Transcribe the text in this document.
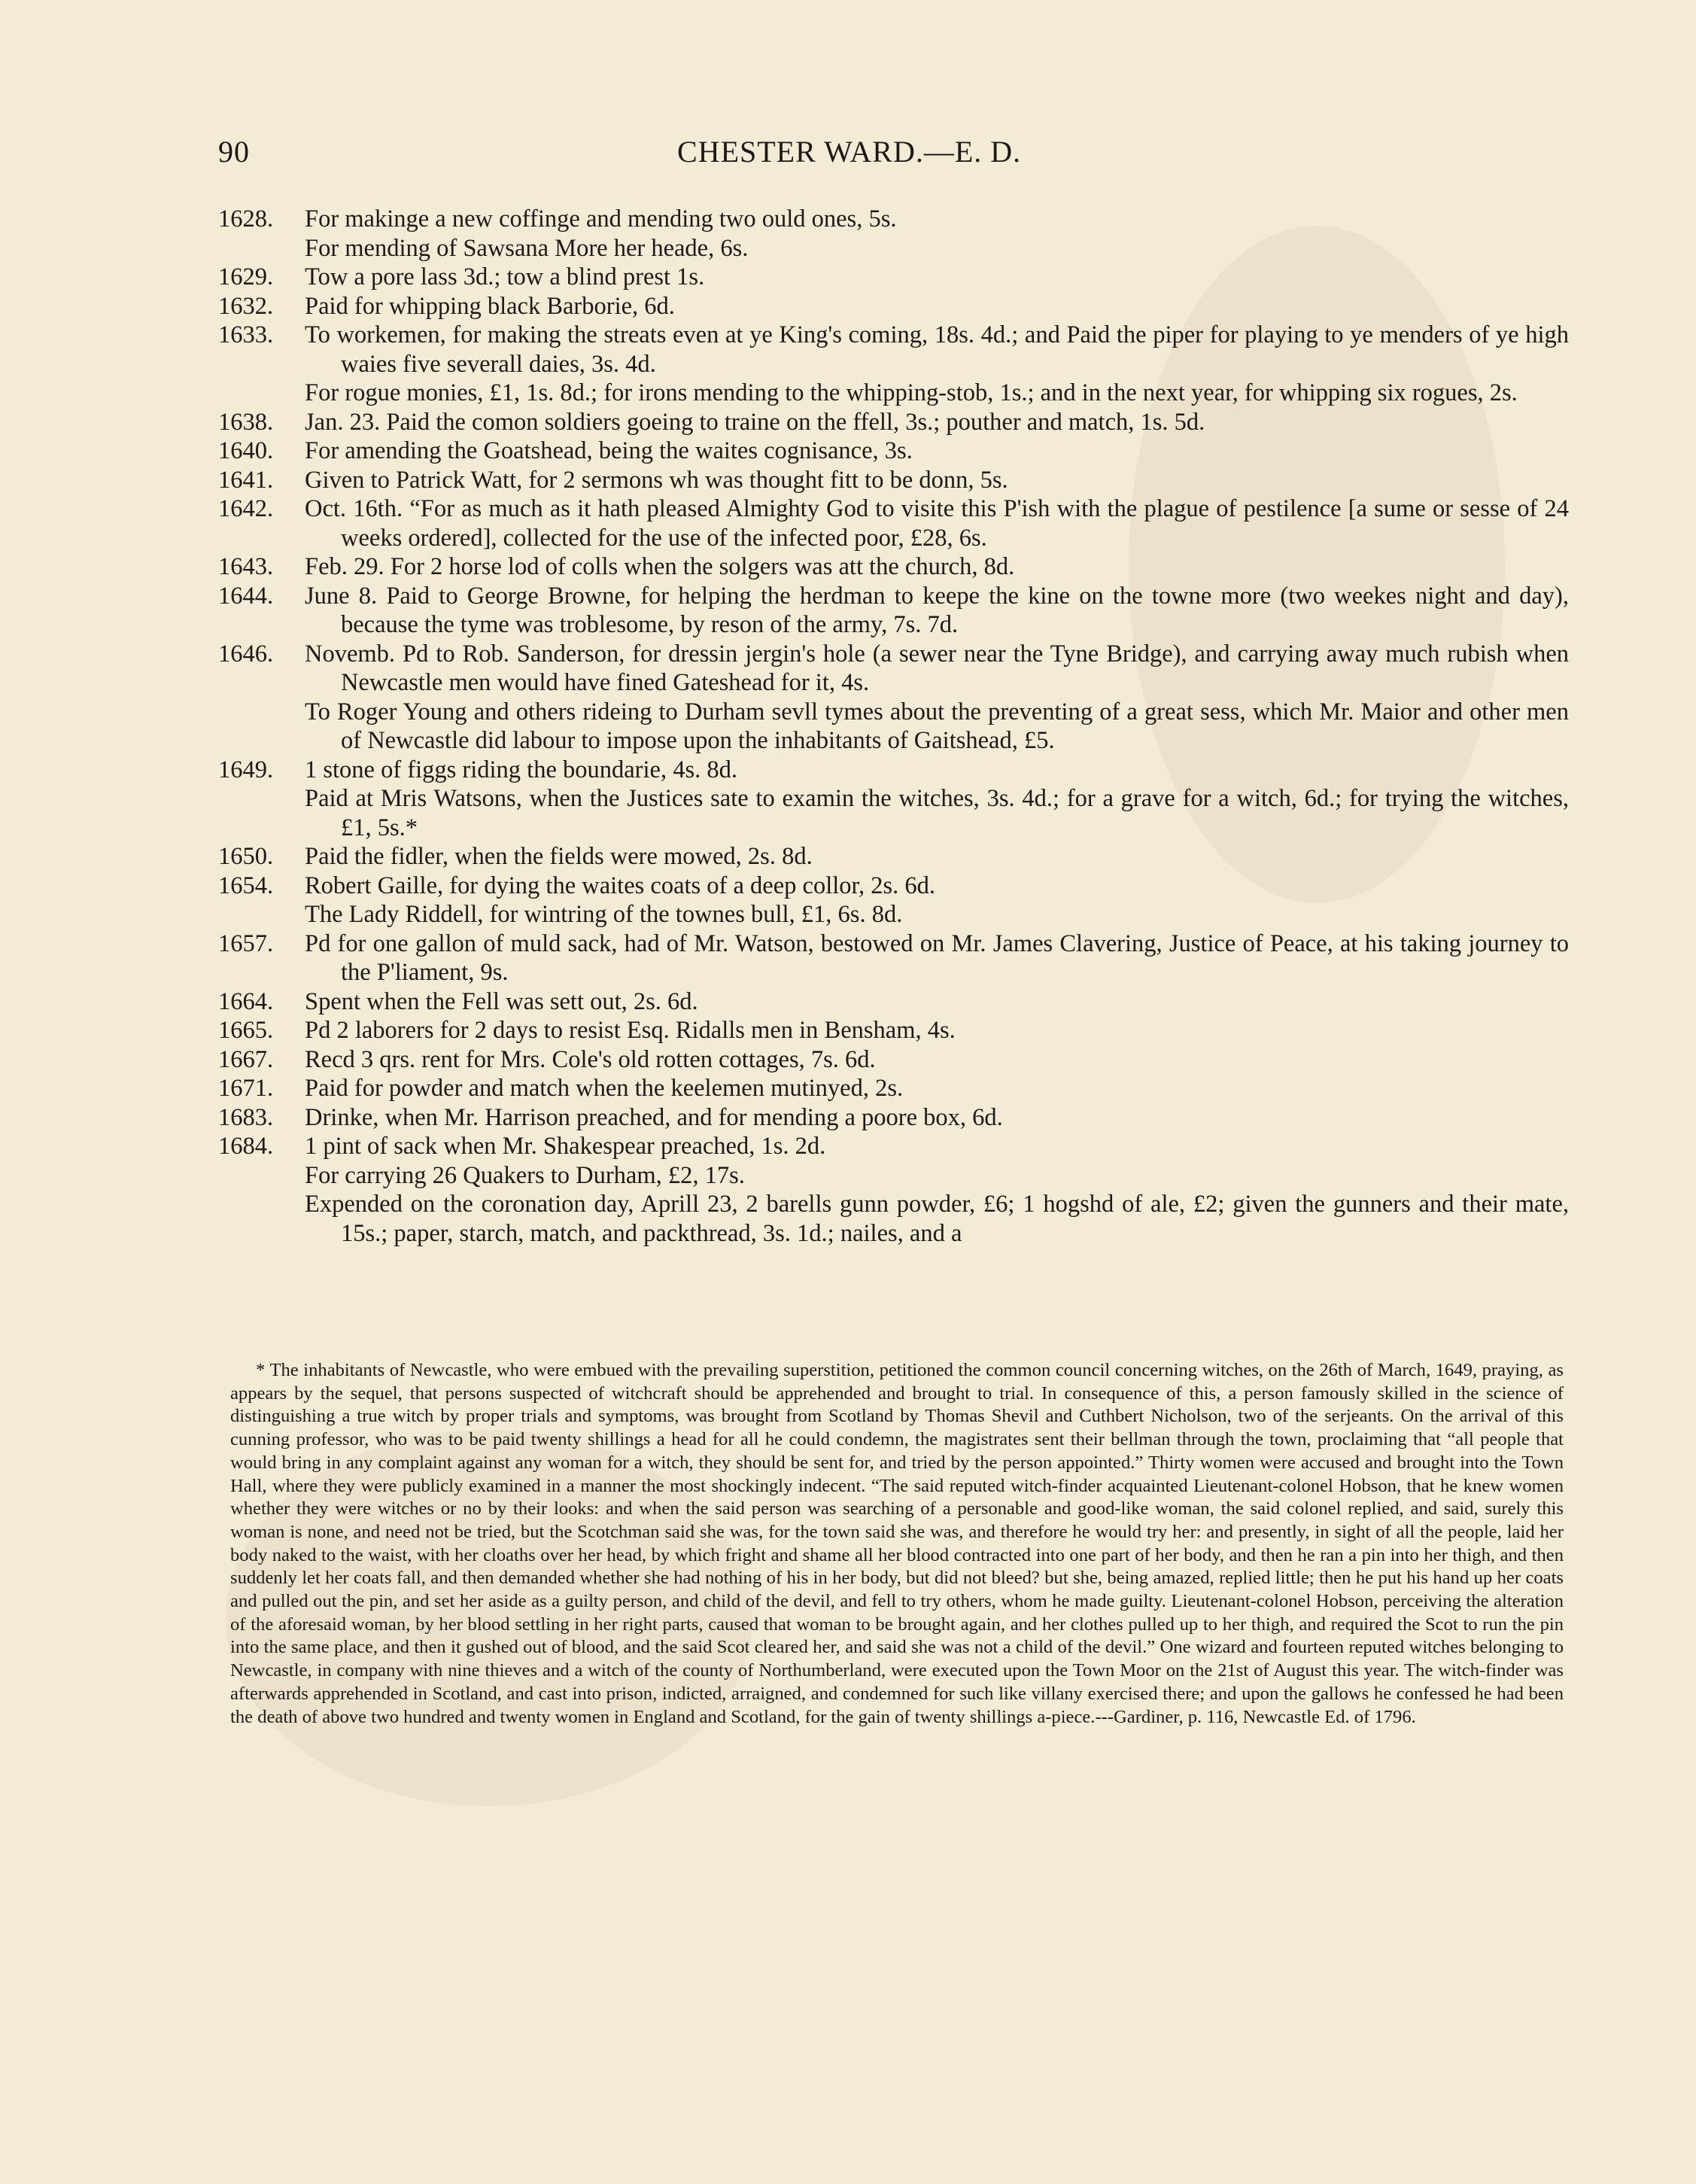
90	CHESTER WARD.—E. D.
1628. For makinge a new coffinge and mending two ould ones, 5s.
For mending of Sawsana More her heade, 6s.
1629. Tow a pore lass 3d.; tow a blind prest 1s.
1632. Paid for whipping black Barborie, 6d.
1633. To workemen, for making the streats even at ye King's coming, 18s. 4d.; and Paid the piper for playing to ye menders of ye high waies five severall daies, 3s. 4d.
For rogue monies, £1, 1s. 8d.; for irons mending to the whipping-stob, 1s.; and in the next year, for whipping six rogues, 2s.
1638. Jan. 23. Paid the comon soldiers goeing to traine on the ffell, 3s.; pouther and match, 1s. 5d.
1640. For amending the Goatshead, being the waites cognisance, 3s.
1641. Given to Patrick Watt, for 2 sermons wh was thought fitt to be donn, 5s.
1642. Oct. 16th. “For as much as it hath pleased Almighty God to visite this P'ish with the plague of pestilence [a sume or sesse of 24 weeks ordered], collected for the use of the infected poor, £28, 6s.
1643. Feb. 29. For 2 horse lod of colls when the solgers was att the church, 8d.
1644. June 8. Paid to George Browne, for helping the herdman to keepe the kine on the towne more (two weekes night and day), because the tyme was troblesome, by reson of the army, 7s. 7d.
1646. Novemb. Pd to Rob. Sanderson, for dressin jergin's hole (a sewer near the Tyne Bridge), and carrying away much rubish when Newcastle men would have fined Gateshead for it, 4s.
To Roger Young and others rideing to Durham sevll tymes about the preventing of a great sess, which Mr. Maior and other men of Newcastle did labour to impose upon the inhabitants of Gaitshead, £5.
1649. 1 stone of figgs riding the boundarie, 4s. 8d.
Paid at Mris Watsons, when the Justices sate to examin the witches, 3s. 4d.; for a grave for a witch, 6d.; for trying the witches, £1, 5s.*
1650. Paid the fidler, when the fields were mowed, 2s. 8d.
1654. Robert Gaille, for dying the waites coats of a deep collor, 2s. 6d.
The Lady Riddell, for wintring of the townes bull, £1, 6s. 8d.
1657. Pd for one gallon of muld sack, had of Mr. Watson, bestowed on Mr. James Clavering, Justice of Peace, at his taking journey to the P'liament, 9s.
1664. Spent when the Fell was sett out, 2s. 6d.
1665. Pd 2 laborers for 2 days to resist Esq. Ridalls men in Bensham, 4s.
1667. Recd 3 qrs. rent for Mrs. Cole's old rotten cottages, 7s. 6d.
1671. Paid for powder and match when the keelemen mutinyed, 2s.
1683. Drinke, when Mr. Harrison preached, and for mending a poore box, 6d.
1684. 1 pint of sack when Mr. Shakespear preached, 1s. 2d.
For carrying 26 Quakers to Durham, £2, 17s.
Expended on the coronation day, Aprill 23, 2 barells gunn powder, £6; 1 hogshd of ale, £2; given the gunners and their mate, 15s.; paper, starch, match, and packthread, 3s. 1d.; nailes, and a
* The inhabitants of Newcastle, who were embued with the prevailing superstition, petitioned the common council concerning witches, on the 26th of March, 1649, praying, as appears by the sequel, that persons suspected of witchcraft should be apprehended and brought to trial. In consequence of this, a person famously skilled in the science of distinguishing a true witch by proper trials and symptoms, was brought from Scotland by Thomas Shevil and Cuthbert Nicholson, two of the serjeants. On the arrival of this cunning professor, who was to be paid twenty shillings a head for all he could condemn, the magistrates sent their bellman through the town, proclaiming that “all people that would bring in any complaint against any woman for a witch, they should be sent for, and tried by the person appointed.” Thirty women were accused and brought into the Town Hall, where they were publicly examined in a manner the most shockingly indecent. “The said reputed witch-finder acquainted Lieutenant-colonel Hobson, that he knew women whether they were witches or no by their looks: and when the said person was searching of a personable and good-like woman, the said colonel replied, and said, surely this woman is none, and need not be tried, but the Scotchman said she was, for the town said she was, and therefore he would try her: and presently, in sight of all the people, laid her body naked to the waist, with her cloaths over her head, by which fright and shame all her blood contracted into one part of her body, and then he ran a pin into her thigh, and then suddenly let her coats fall, and then demanded whether she had nothing of his in her body, but did not bleed? but she, being amazed, replied little; then he put his hand up her coats and pulled out the pin, and set her aside as a guilty person, and child of the devil, and fell to try others, whom he made guilty. Lieutenant-colonel Hobson, perceiving the alteration of the aforesaid woman, by her blood settling in her right parts, caused that woman to be brought again, and her clothes pulled up to her thigh, and required the Scot to run the pin into the same place, and then it gushed out of blood, and the said Scot cleared her, and said she was not a child of the devil.” One wizard and fourteen reputed witches belonging to Newcastle, in company with nine thieves and a witch of the county of Northumberland, were executed upon the Town Moor on the 21st of August this year. The witch-finder was afterwards apprehended in Scotland, and cast into prison, indicted, arraigned, and condemned for such like villany exercised there; and upon the gallows he confessed he had been the death of above two hundred and twenty women in England and Scotland, for the gain of twenty shillings a-piece.---Gardiner, p. 116, Newcastle Ed. of 1796.
